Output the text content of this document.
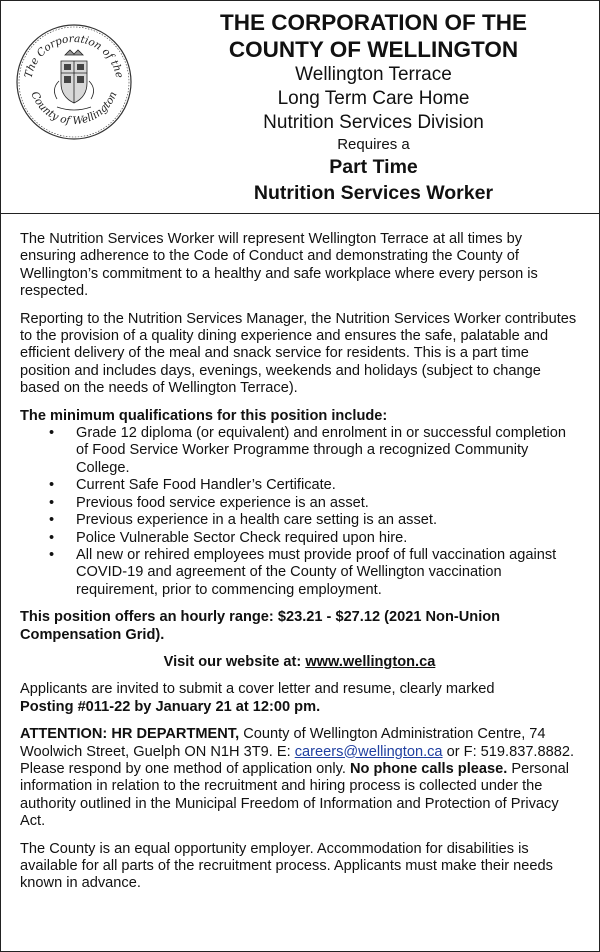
The Corporation of the
County of Wellington
THE CORPORATION OF THE
COUNTY OF WELLINGTON
Wellington Terrace
Long Term Care Home
Nutrition Services Division
Requires a
Part Time
Nutrition Services Worker

The Nutrition Services Worker will represent Wellington Terrace at all times by ensuring adherence to the Code of Conduct and demonstrating the County of Wellington’s commitment to a healthy and safe workplace where every person is respected.

Reporting to the Nutrition Services Manager, the Nutrition Services Worker contributes to the provision of a quality dining experience and ensures the safe, palatable and efficient delivery of the meal and snack service for residents. This is a part time position and includes days, evenings, weekends and holidays (subject to change based on the needs of Wellington Terrace).

The minimum qualifications for this position include:
• Grade 12 diploma (or equivalent) and enrolment in or successful completion of Food Service Worker Programme through a recognized Community College.
• Current Safe Food Handler’s Certificate.
• Previous food service experience is an asset.
• Previous experience in a health care setting is an asset.
• Police Vulnerable Sector Check required upon hire.
• All new or rehired employees must provide proof of full vaccination against COVID-19 and agreement of the County of Wellington vaccination requirement, prior to commencing employment.

This position offers an hourly range: $23.21 - $27.12 (2021 Non-Union Compensation Grid).

Visit our website at: www.wellington.ca

Applicants are invited to submit a cover letter and resume, clearly marked
Posting #011-22 by January 21 at 12:00 pm.

ATTENTION: HR DEPARTMENT, County of Wellington Administration Centre, 74 Woolwich Street, Guelph ON N1H 3T9. E: careers@wellington.ca or F: 519.837.8882. Please respond by one method of application only. No phone calls please. Personal information in relation to the recruitment and hiring process is collected under the authority outlined in the Municipal Freedom of Information and Protection of Privacy Act.

The County is an equal opportunity employer. Accommodation for disabilities is available for all parts of the recruitment process. Applicants must make their needs known in advance.
